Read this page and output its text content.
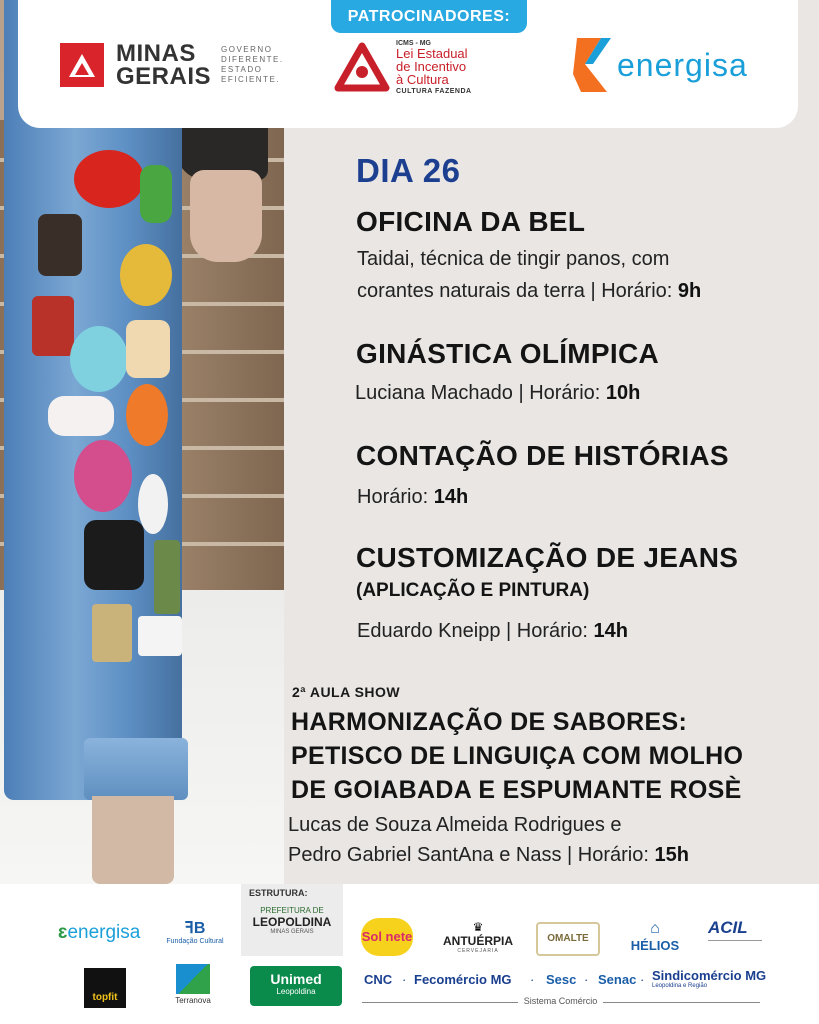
PATROCINADORES:
MINAS
GERAIS
GOVERNO
DIFERENTE.
ESTADO
EFICIENTE.
ICMS - MG
Lei Estadual
de Incentivo
à Cultura
CULTURA FAZENDA
energisa
DIA 26
OFICINA DA BEL
Taidai, técnica de tingir panos, com
corantes naturais da terra | Horário: 9h
GINÁSTICA OLÍMPICA
Luciana Machado | Horário: 10h
CONTAÇÃO DE HISTÓRIAS
Horário: 14h
CUSTOMIZAÇÃO DE JEANS
(APLICAÇÃO E PINTURA)
Eduardo Kneipp | Horário: 14h
2ª AULA SHOW
HARMONIZAÇÃO DE SABORES:
PETISCO DE LINGUIÇA COM MOLHO
DE GOIABADA E ESPUMANTE ROSÈ
Lucas de Souza Almeida Rodrigues e
Pedro Gabriel SantAna e Nass | Horário: 15h
ESTRUTURA:
PREFEITURA DE
LEOPOLDINA
MINAS GERAIS
ɛenergisa	ꟻB
Fundação Cultural	Sol nete
♛
ANTUÉRPIA
CERVEJARIA
OMALTE
⌂
HÉLIOS
ACIL
topfit	Terranova
Unimed
Leopoldina
CNC · Fecomércio MG · Sesc · Senac · Sindicomércio MG
Leopoldina e Região
Sistema Comércio
